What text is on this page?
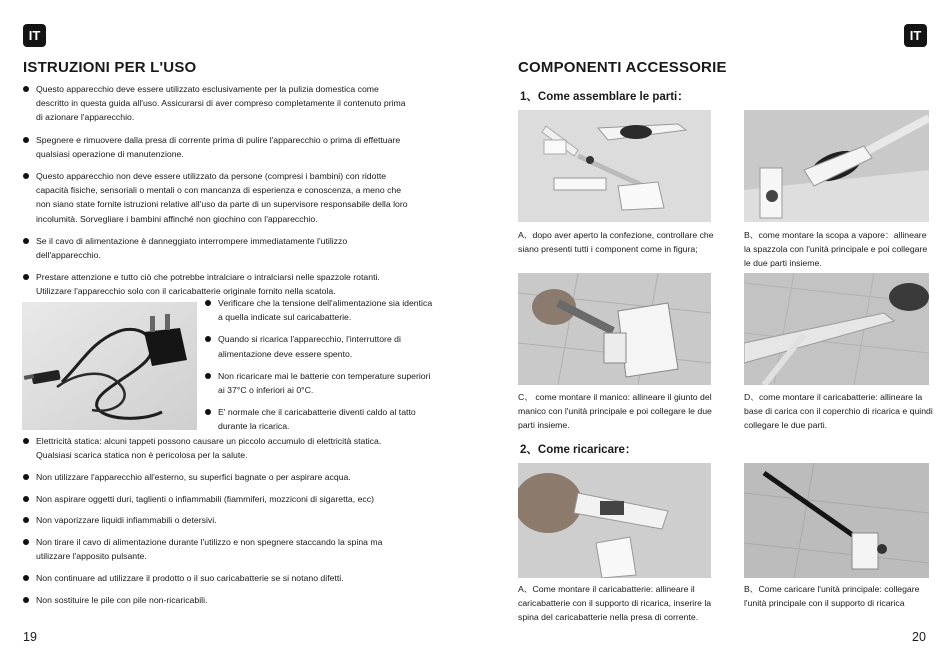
IT	IT
ISTRUZIONI PER L'USO
Questo apparecchio deve essere utilizzato esclusivamente per la pulizia domestica come descritto in questa guida all'uso. Assicurarsi di aver compreso completamente il contenuto prima di azionare l'apparecchio.
Spegnere e rimuovere dalla presa di corrente prima di pulire l'apparecchio o prima di effettuare qualsiasi operazione di manutenzione.
Questo apparecchio non deve essere utilizzato da persone (compresi i bambini) con ridotte capacità fisiche, sensoriali o mentali o con mancanza di esperienza e conoscenza, a meno che non siano state fornite istruzioni relative all'uso da parte di un supervisore responsabile della loro incolumità. Sorvegliare i bambini affinché non giochino con l'apparecchio.
Se il cavo di alimentazione è danneggiato interrompere immediatamente l'utilizzo dell'apparecchio.
Prestare attenzione e tutto ciò che potrebbe intralciare o intralciarsi nelle spazzole rotanti. Utilizzare l'apparecchio solo con il caricabatterie originale fornito nella scatola.
Verificare che la tensione dell'alimentazione sia identica a quella indicate sul caricabatterie.
Quando si ricarica l'apparecchio, l'interruttore di alimentazione deve essere spento.
Non ricaricare mai le batterie con temperature superiori ai 37°C o inferiori ai 0°C.
E' normale che il caricabatterie diventi caldo al tatto durante la ricarica.
Elettricità statica: alcuni tappeti possono causare un piccolo accumulo di elettricità statica. Qualsiasi scarica statica non è pericolosa per la salute.
Non utilizzare l'apparecchio all'esterno, su superfici bagnate o per aspirare acqua.
Non aspirare oggetti duri, taglienti o infiammabili (fiammiferi, mozziconi di sigaretta, ecc)
Non vaporizzare liquidi infiammabili o detersivi.
Non tirare il cavo di alimentazione durante l'utilizzo e non spegnere staccando la spina ma utilizzare l'apposito pulsante.
Non continuare ad utilizzare il prodotto o il suo caricabatterie se si notano difetti.
Non sostituire le pile con pile non-ricaricabili.
19
COMPONENTI ACCESSORIE
1、Come assemblare le parti：
A、dopo aver aperto la confezione, controllare che siano presenti tutti i component come in figura;
B、come montare la scopa a vapore：allineare la spazzola con l'unità principale e poi collegare le due parti insieme.
C、 come montare il manico: allineare il giunto del manico con l'unità principale e poi collegare le due parti insieme.
D、come montare il caricabatterie: allineare la base di carica con il coperchio di ricarica e quindi collegare le due parti.
2、Come ricaricare：
A、Come montare il caricabatterie: allineare il caricabatterie con il supporto di ricarica, inserire la spina del caricabatterie nella presa di corrente.
B、Come caricare l'unità principale: collegare l'unità principale con il supporto di ricarica
20
